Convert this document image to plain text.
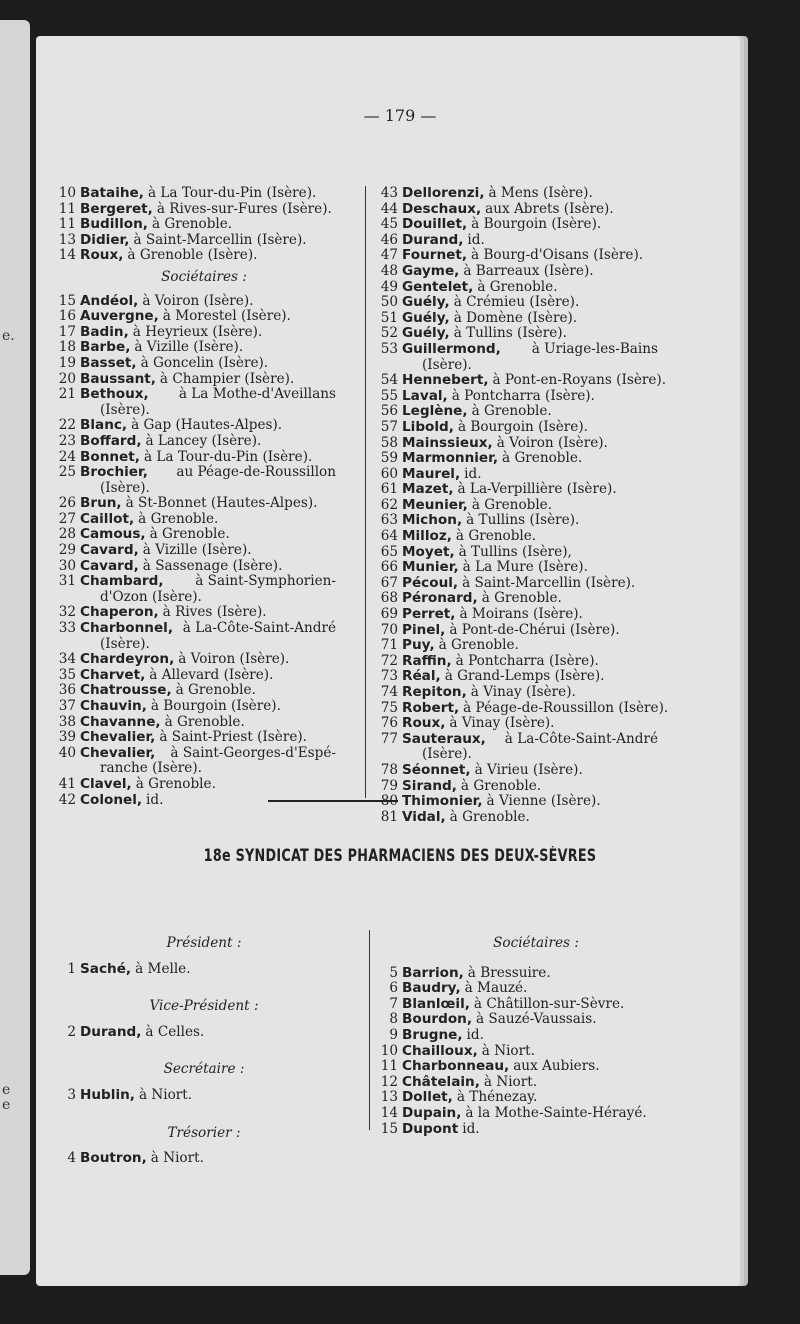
e.
e
e
— 179 —
10 Bataihe, à La Tour-du-Pin (Isère).
11 Bergeret, à Rives-sur-Fures (Isère).
11 Budillon, à Grenoble.
13 Didier, à Saint-Marcellin (Isère).
14 Roux, à Grenoble (Isère).
Sociétaires :
15 Andéol, à Voiron (Isère).
16 Auvergne, à Morestel (Isère).
17 Badin, à Heyrieux (Isère).
18 Barbe, à Vizille (Isère).
19 Basset, à Goncelin (Isère).
20 Baussant, à Champier (Isère).
21 Bethoux, à La Mothe-d'Aveillans
(Isère).
22 Blanc, à Gap (Hautes-Alpes).
23 Boffard, à Lancey (Isère).
24 Bonnet, à La Tour-du-Pin (Isère).
25 Brochier, au Péage-de-Roussillon
(Isère).
26 Brun, à St-Bonnet (Hautes-Alpes).
27 Caillot, à Grenoble.
28 Camous, à Grenoble.
29 Cavard, à Vizille (Isère).
30 Cavard, à Sassenage (Isère).
31 Chambard, à Saint-Symphorien-
d'Ozon (Isère).
32 Chaperon, à Rives (Isère).
33 Charbonnel, à La-Côte-Saint-André
(Isère).
34 Chardeyron, à Voiron (Isère).
35 Charvet, à Allevard (Isère).
36 Chatrousse, à Grenoble.
37 Chauvin, à Bourgoin (Isère).
38 Chavanne, à Grenoble.
39 Chevalier, à Saint-Priest (Isère).
40 Chevalier, à Saint-Georges-d'Espé-
ranche (Isère).
41 Clavel, à Grenoble.
42 Colonel, id.
43 Dellorenzi, à Mens (Isère).
44 Deschaux, aux Abrets (Isère).
45 Douillet, à Bourgoin (Isère).
46 Durand, id.
47 Fournet, à Bourg-d'Oisans (Isère).
48 Gayme, à Barreaux (Isère).
49 Gentelet, à Grenoble.
50 Guély, à Crémieu (Isère).
51 Guély, à Domène (Isère).
52 Guély, à Tullins (Isère).
53 Guillermond, à Uriage-les-Bains
(Isère).
54 Hennebert, à Pont-en-Royans (Isère).
55 Laval, à Pontcharra (Isère).
56 Leglène, à Grenoble.
57 Libold, à Bourgoin (Isère).
58 Mainssieux, à Voiron (Isère).
59 Marmonnier, à Grenoble.
60 Maurel, id.
61 Mazet, à La-Verpillière (Isère).
62 Meunier, à Grenoble.
63 Michon, à Tullins (Isère).
64 Milloz, à Grenoble.
65 Moyet, à Tullins (Isère),
66 Munier, à La Mure (Isère).
67 Pécoul, à Saint-Marcellin (Isère).
68 Péronard, à Grenoble.
69 Perret, à Moirans (Isère).
70 Pinel, à Pont-de-Chérui (Isère).
71 Puy, à Grenoble.
72 Raffin, à Pontcharra (Isère).
73 Réal, à Grand-Lemps (Isère).
74 Repiton, à Vinay (Isère).
75 Robert, à Péage-de-Roussillon (Isère).
76 Roux, à Vinay (Isère).
77 Sauteraux, à La-Côte-Saint-André
(Isère).
78 Séonnet, à Virieu (Isère).
79 Sirand, à Grenoble.
Thimonier, à Vienne (Isère).
81 Vidal, à Grenoble.
18e SYNDICAT DES PHARMACIENS DES DEUX-SÈVRES
Président :
1 Saché, à Melle.
Vice-Président :
2 Durand, à Celles.
Secrétaire :
3 Hublin, à Niort.
Trésorier :
4 Boutron, à Niort.
Sociétaires :
5 Barrion, à Bressuire.
6 Baudry, à Mauzé.
7 Blanlœil, à Châtillon-sur-Sèvre.
8 Bourdon, à Sauzé-Vaussais.
9 Brugne, id.
10 Chailloux, à Niort.
11 Charbonneau, aux Aubiers.
12 Châtelain, à Niort.
13 Dollet, à Thénezay.
14 Dupain, à la Mothe-Sainte-Hérayé.
15 Dupont id.
